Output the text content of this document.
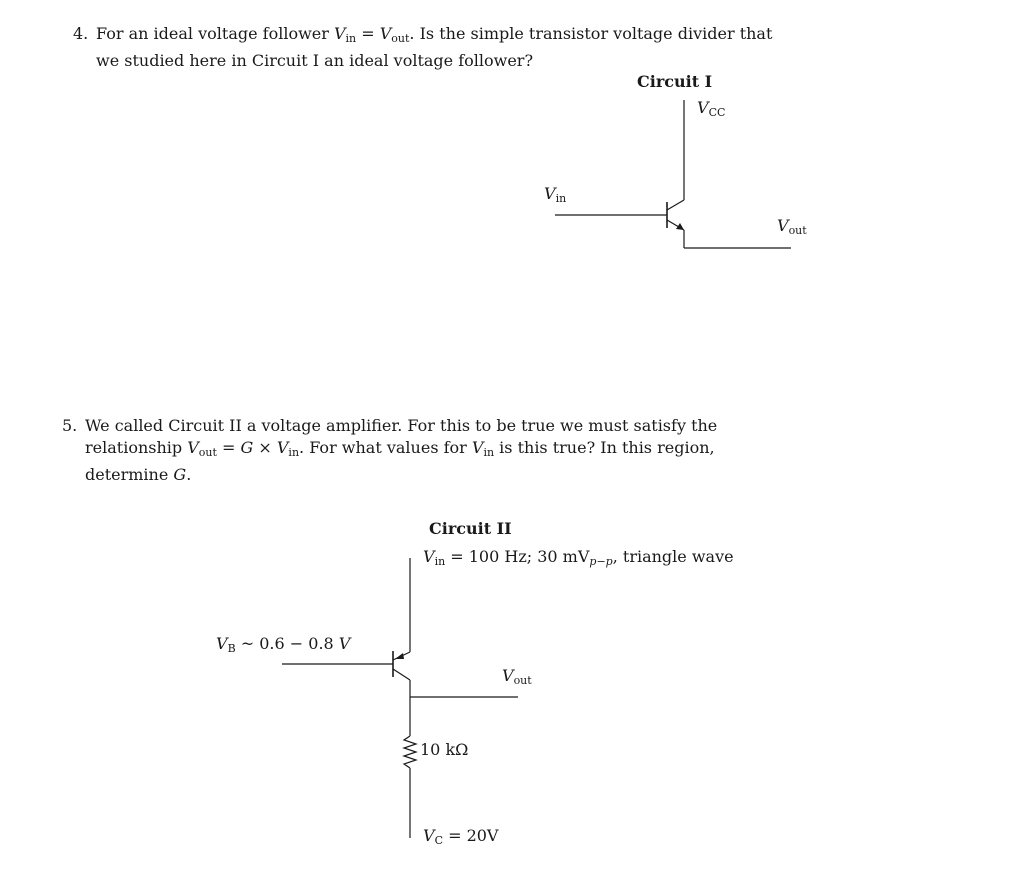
4. For an ideal voltage follower $V_{in} = V_{out}$. Is the simple transistor voltage divider that
we studied here in Circuit I an ideal voltage follower?
5. We called Circuit II a voltage amplifier. For this to be true we must satisfy the
relationship $V_{out} = G \times V_{in}$. For what values for $V_{in}$ is this true? In this region,
determine G.
Circuit I
VCC
Vin
Vout
Circuit II
Vin = 100 Hz; 30 mVp−p, triangle wave
VB ~ 0.6 − 0.8 V
Vout
10 kΩ
VC = 20V
